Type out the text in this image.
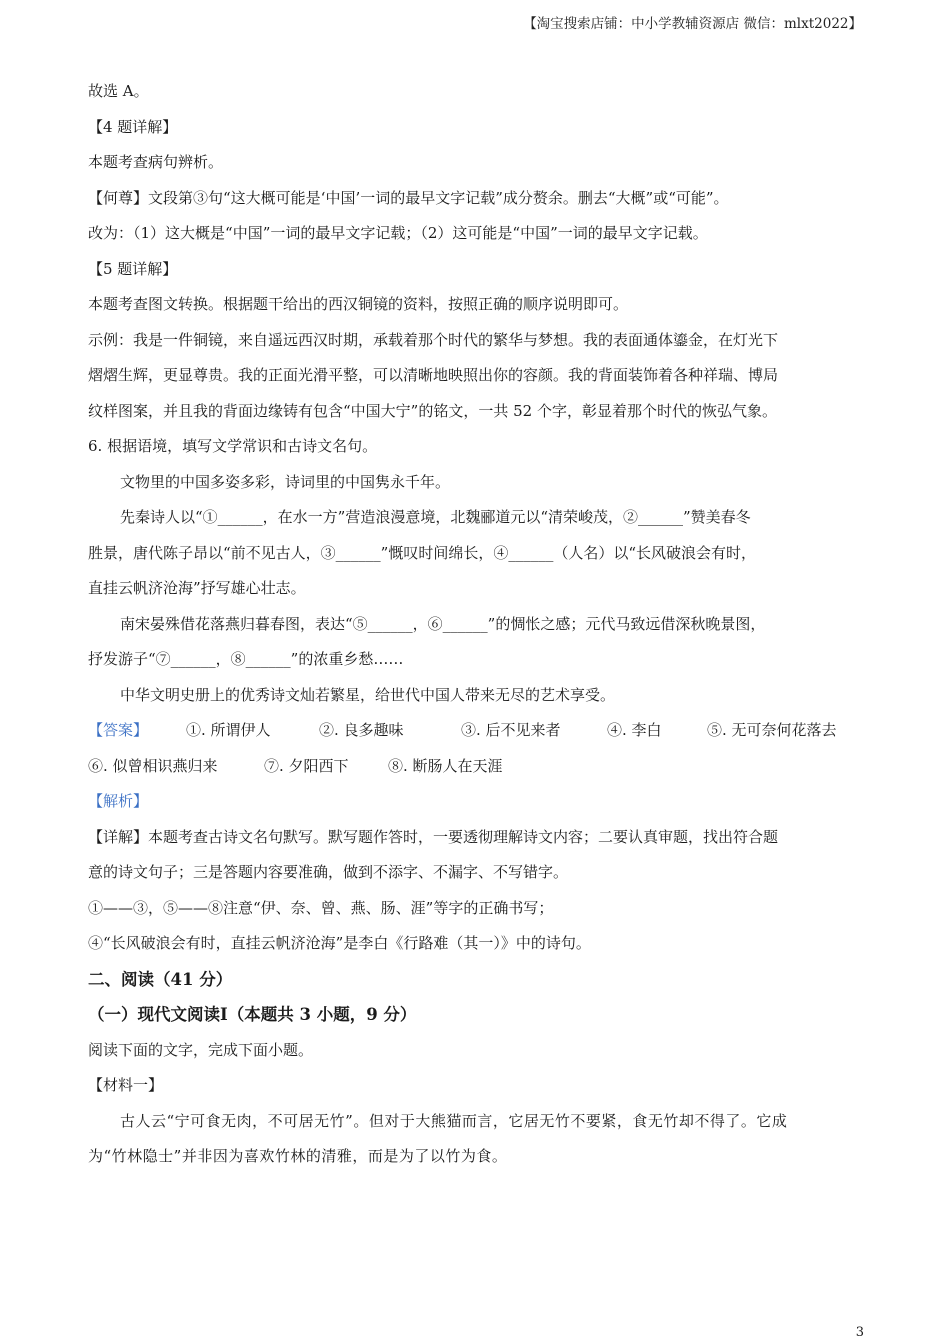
【淘宝搜索店铺：中小学教辅资源店 微信：mlxt2022】

故选 A。

【4 题详解】

本题考查病句辨析。

【何尊】文段第③句“这大概可能是‘中国’一词的最早文字记载”成分赘余。删去“大概”或“可能”。

改为：（1）这大概是“中国”一词的最早文字记载；（2）这可能是“中国”一词的最早文字记载。

【5 题详解】

本题考查图文转换。根据题干给出的西汉铜镜的资料，按照正确的顺序说明即可。

示例：我是一件铜镜，来自遥远西汉时期，承载着那个时代的繁华与梦想。我的表面通体鎏金，在灯光下

熠熠生辉，更显尊贵。我的正面光滑平整，可以清晰地映照出你的容颜。我的背面装饰着各种祥瑞、博局

纹样图案，并且我的背面边缘铸有包含“中国大宁”的铭文，一共 52 个字，彰显着那个时代的恢弘气象。

6. 根据语境，填写文学常识和古诗文名句。

文物里的中国多姿多彩，诗词里的中国隽永千年。

先秦诗人以“①______，在水一方”营造浪漫意境，北魏郦道元以“清荣峻茂，②______”赞美春冬

胜景，唐代陈子昂以“前不见古人，③______”慨叹时间绵长，④______（人名）以“长风破浪会有时，

直挂云帆济沧海”抒写雄心壮志。

南宋晏殊借花落燕归暮春图，表达“⑤______，⑥______”的惆怅之感；元代马致远借深秋晚景图，

抒发游子“⑦______，⑧______”的浓重乡愁……

中华文明史册上的优秀诗文灿若繁星，给世代中国人带来无尽的艺术享受。

【答案】	①. 所谓伊人	②. 良多趣味	③. 后不见来者	④. 李白	⑤. 无可奈何花落去

⑥. 似曾相识燕归来	⑦. 夕阳西下	⑧. 断肠人在天涯

【解析】

【详解】本题考查古诗文名句默写。默写题作答时，一要透彻理解诗文内容；二要认真审题，找出符合题

意的诗文句子；三是答题内容要准确，做到不添字、不漏字、不写错字。

①——③，⑤——⑧注意“伊、奈、曾、燕、肠、涯”等字的正确书写；

④“长风破浪会有时，直挂云帆济沧海”是李白《行路难（其一）》中的诗句。

二、阅读（41 分）

（一）现代文阅读Ⅰ（本题共 3 小题，9 分）

阅读下面的文字，完成下面小题。

【材料一】

古人云“宁可食无肉，不可居无竹”。但对于大熊猫而言，它居无竹不要紧，食无竹却不得了。它成

为“竹林隐士”并非因为喜欢竹林的清雅，而是为了以竹为食。

3
